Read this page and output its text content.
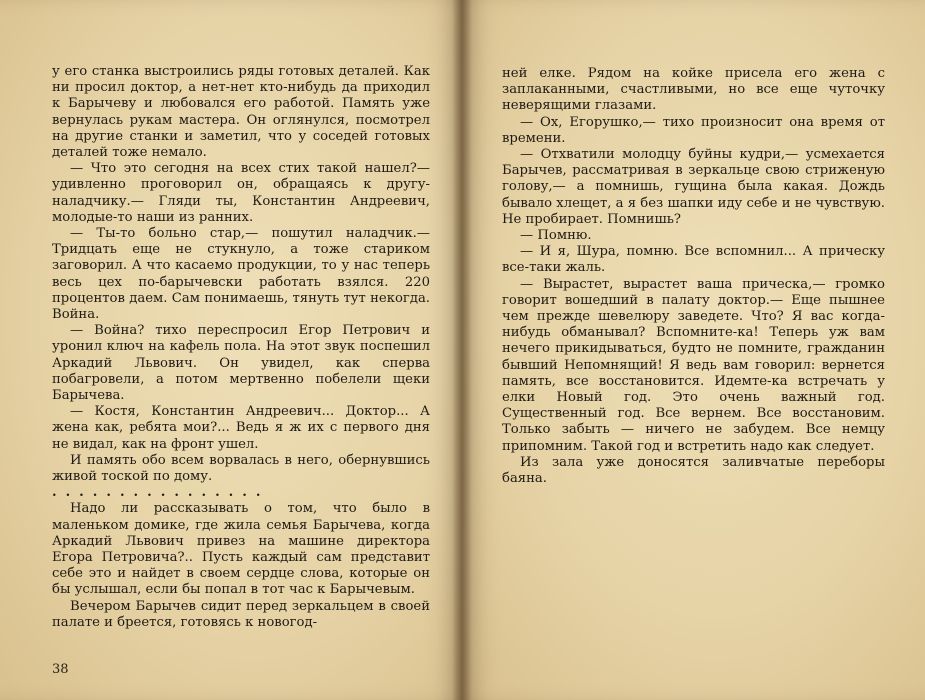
у его станка выстроились ряды готовых деталей. Как ни просил доктор, а нет-нет кто-нибудь да приходил к Барычеву и любовался его работой. Память уже вернулась рукам мастера. Он оглянулся, посмотрел на другие станки и заметил, что у соседей готовых деталей тоже немало.

— Что это сегодня на всех стих такой нашел?— удивленно проговорил он, обращаясь к другу-наладчику.— Гляди ты, Константин Андреевич, молодые-то наши из ранних.

— Ты-то больно стар,— пошутил наладчик.— Тридцать еще не стукнуло, а тоже стариком заговорил. А что касаемо продукции, то у нас теперь весь цех по-барычевски работать взялся. 220 процентов даем. Сам понимаешь, тянуть тут некогда. Война.

— Война? тихо переспросил Егор Петрович и уронил ключ на кафель пола. На этот звук поспешил Аркадий Львович. Он увидел, как сперва побагровели, а потом мертвенно побелели щеки Барычева.

— Костя, Константин Андреевич... Доктор... А жена как, ребята мои?... Ведь я ж их с первого дня не видал, как на фронт ушел.

И память обо всем ворвалась в него, обернувшись живой тоской по дому.

................

Надо ли рассказывать о том, что было в маленьком домике, где жила семья Барычева, когда Аркадий Львович привез на машине директора Егора Петровича?.. Пусть каждый сам представит себе это и найдет в своем сердце слова, которые он бы услышал, если бы попал в тот час к Барычевым.

Вечером Барычев сидит перед зеркальцем в своей палате и бреется, готовясь к новогод-

38

ней елке. Рядом на койке присела его жена с заплаканными, счастливыми, но все еще чуточку неверящими глазами.

— Ох, Егорушко,— тихо произносит она время от времени.

— Отхватили молодцу буйны кудри,— усмехается Барычев, рассматривая в зеркальце свою стриженую голову,— а помнишь, гущина была какая. Дождь бывало хлещет, а я без шапки иду себе и не чувствую. Не пробирает. Помнишь?

— Помню.

— И я, Шура, помню. Все вспомнил... А прическу все-таки жаль.

— Вырастет, вырастет ваша прическа,— громко говорит вошедший в палату доктор.— Еще пышнее чем прежде шевелюру заведете. Что? Я вас когда-нибудь обманывал? Вспомните-ка! Теперь уж вам нечего прикидываться, будто не помните, гражданин бывший Непомнящий! Я ведь вам говорил: вернется память, все восстановится. Идемте-ка встречать у елки Новый год. Это очень важный год. Существенный год. Все вернем. Все восстановим. Только забыть — ничего не забудем. Все немцу припомним. Такой год и встретить надо как следует.

Из зала уже доносятся заливчатые переборы баяна.
